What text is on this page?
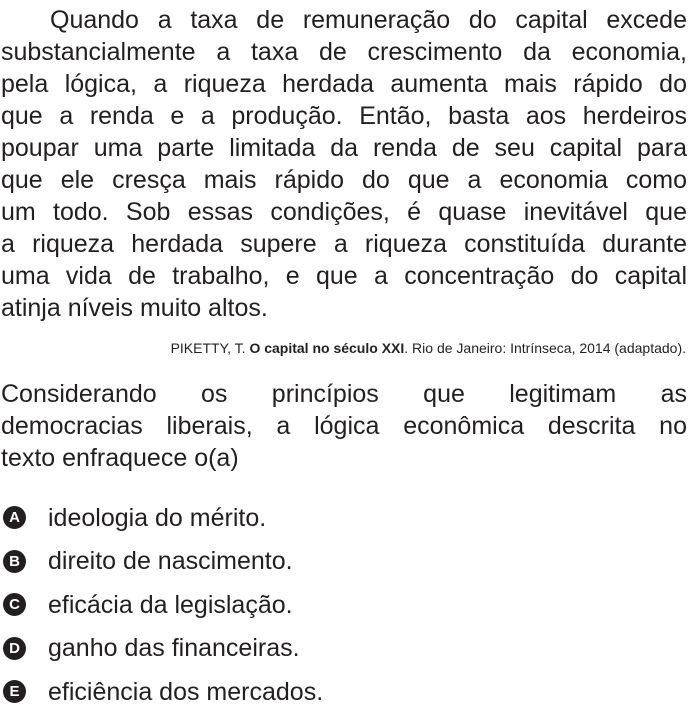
Quando a taxa de remuneração do capital excede
substancialmente a taxa de crescimento da economia,
pela lógica, a riqueza herdada aumenta mais rápido do
que a renda e a produção. Então, basta aos herdeiros
poupar uma parte limitada da renda de seu capital para
que ele cresça mais rápido do que a economia como
um todo. Sob essas condições, é quase inevitável que
a riqueza herdada supere a riqueza constituída durante
uma vida de trabalho, e que a concentração do capital
atinja níveis muito altos.
PIKETTY, T. O capital no século XXI. Rio de Janeiro: Intrínseca, 2014 (adaptado).
Considerando os princípios que legitimam as
democracias liberais, a lógica econômica descrita no
texto enfraquece o(a)
A ideologia do mérito.
B direito de nascimento.
C eficácia da legislação.
D ganho das financeiras.
E eficiência dos mercados.
